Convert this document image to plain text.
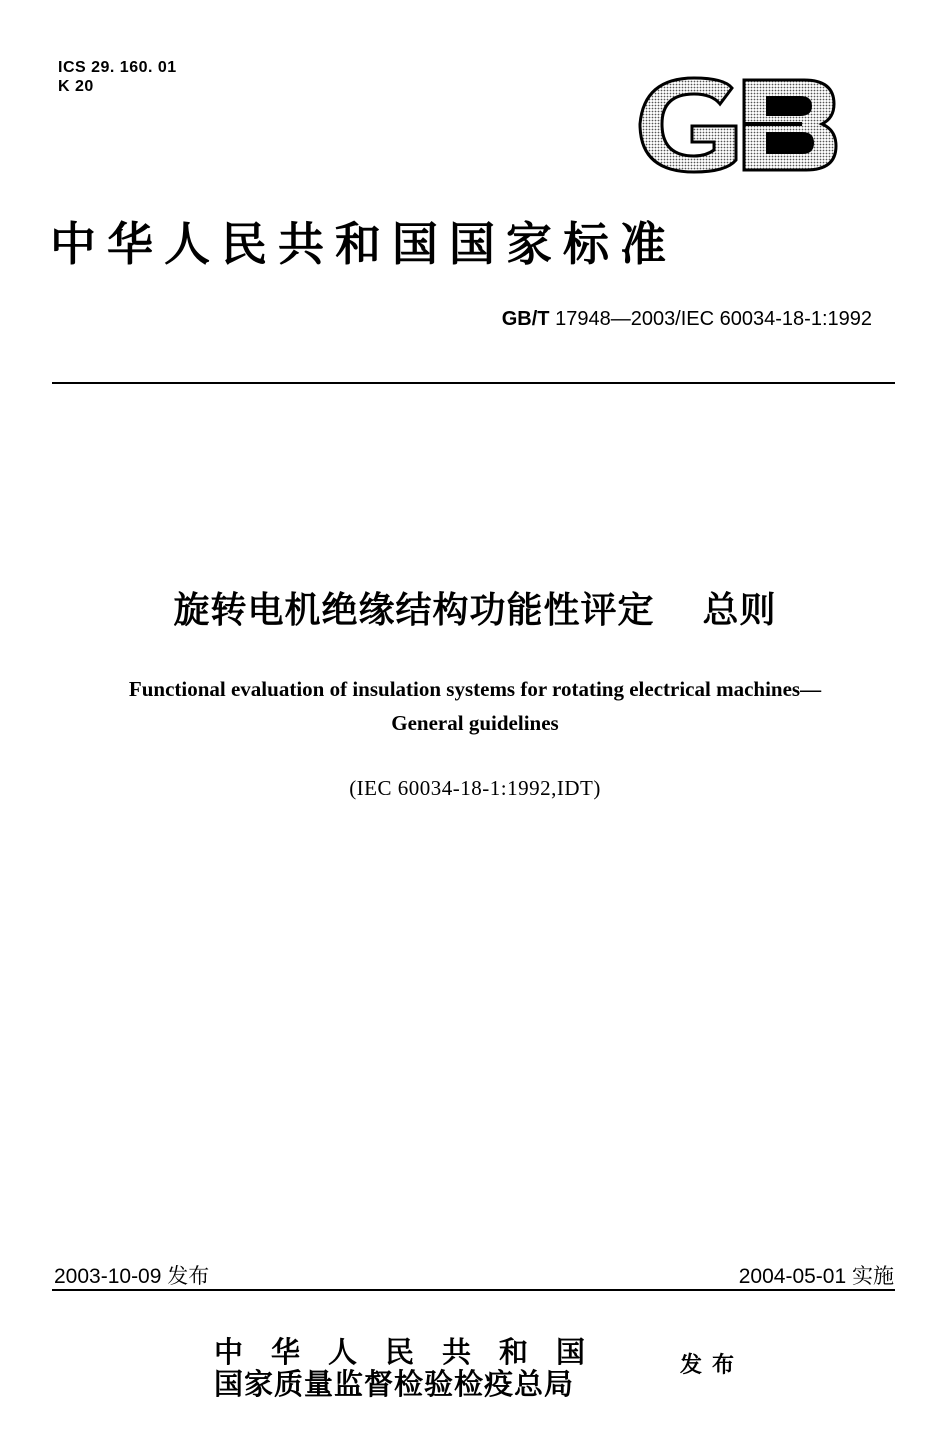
ICS 29. 160. 01
K 20
中华人民共和国国家标准
GB/T 17948—2003/IEC 60034-18-1:1992
旋转电机绝缘结构功能性评定 总则
Functional evaluation of insulation systems for rotating electrical machines—
General guidelines
(IEC 60034-18-1:1992,IDT)
2003-10-09 发布	2004-05-01 实施
中华人民共和国
国家质量监督检验检疫总局
发布
